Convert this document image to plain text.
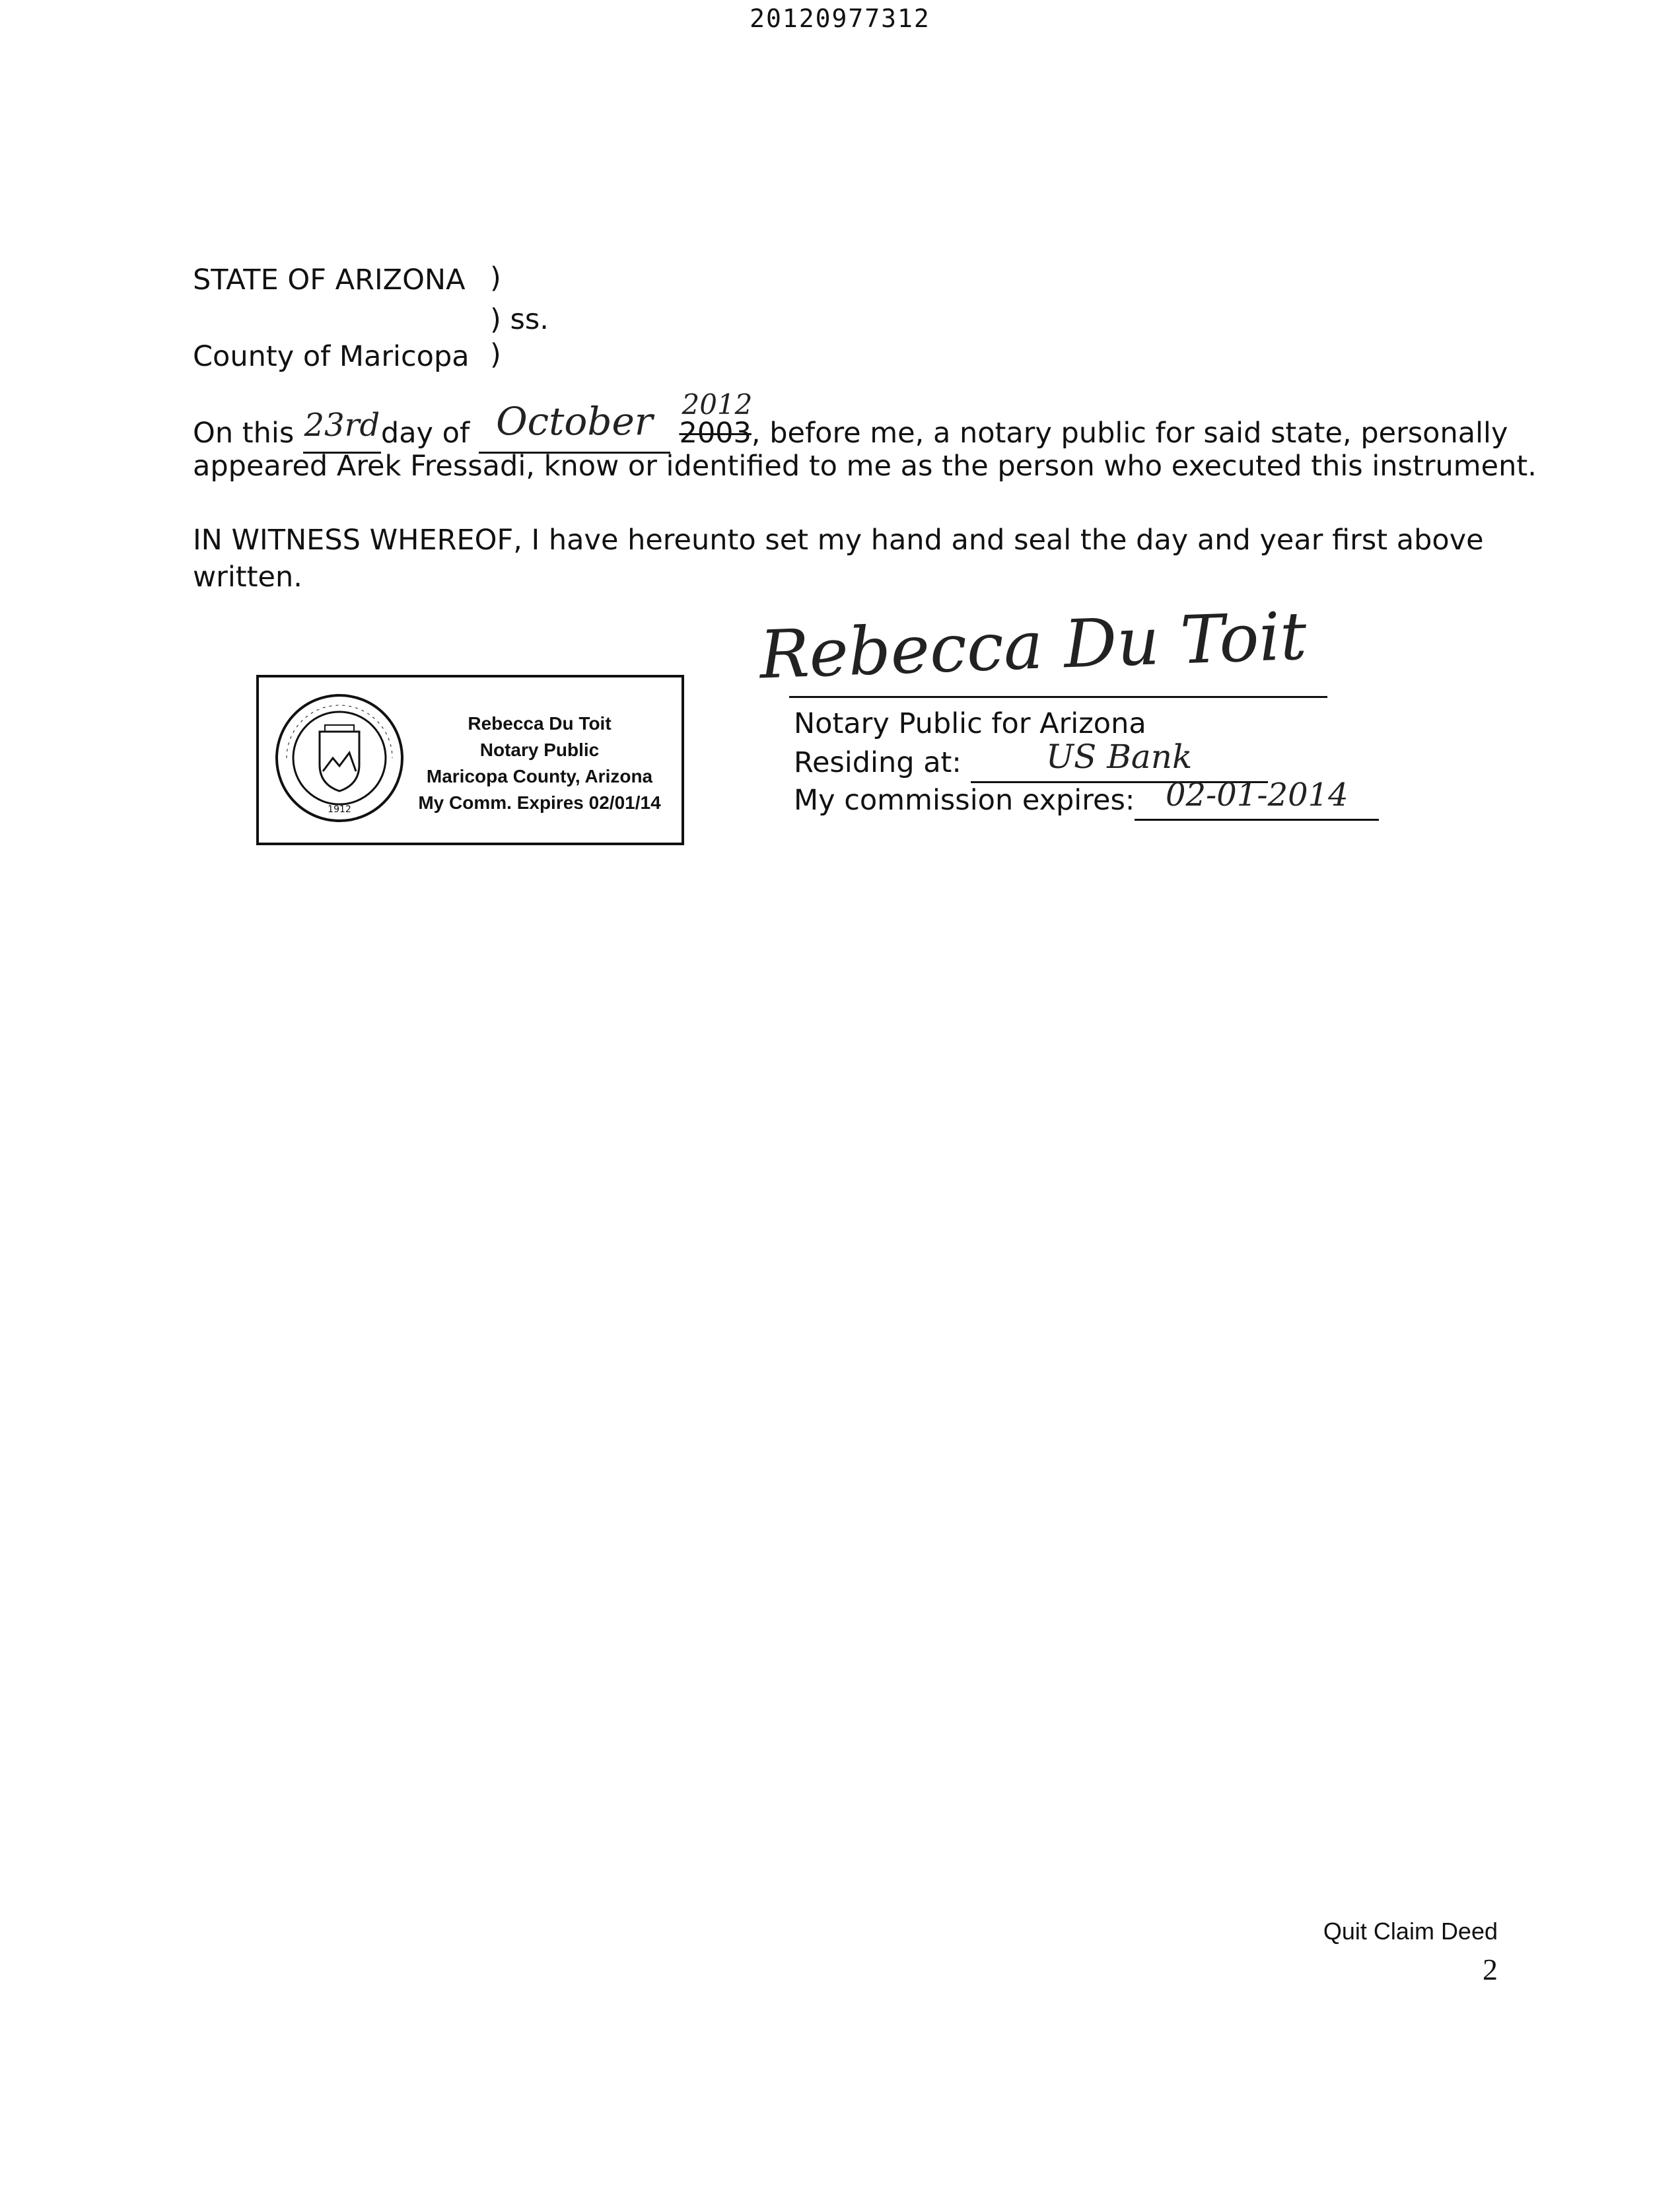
20120977312
STATE OF ARIZONA )
) ss.
County of Maricopa )
On this 23rdday of October 2003
2012
, before me, a notary public for said state, personally
appeared Arek Fressadi, know or identified to me as the person who executed this instrument.
IN WITNESS WHEREOF, I have hereunto set my hand and seal the day and year first above
written.
1912
Rebecca Du Toit
Notary Public
Maricopa County, Arizona
My Comm. Expires 02/01/14
Rebecca Du Toit
Notary Public for Arizona
Residing at:	US Bank
My commission expires: 02-01-2014
Quit Claim Deed
2
